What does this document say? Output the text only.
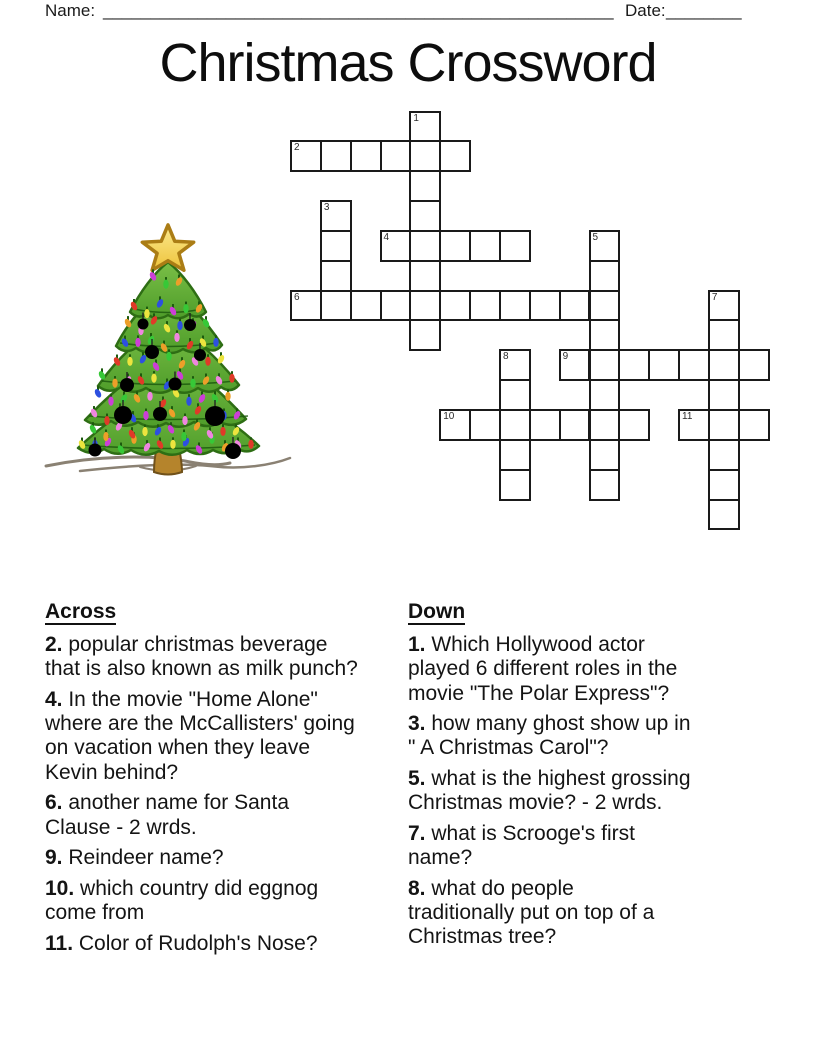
Name: ______________________________________________________ Date: ________
Christmas Crossword
1
2
3
4	5
6	7
8	9
10	11
Across
2. popular christmas beverage
that is also known as milk punch?
4. In the movie "Home Alone"
where are the McCallisters' going
on vacation when they leave
Kevin behind?
6. another name for Santa
Clause - 2 wrds.
9. Reindeer name?
10. which country did eggnog
come from
11. Color of Rudolph's Nose?
Down
1. Which Hollywood actor
played 6 different roles in the
movie "The Polar Express"?
3. how many ghost show up in
" A Christmas Carol"?
5. what is the highest grossing
Christmas movie? - 2 wrds.
7. what is Scrooge's first
name?
8. what do people
traditionally put on top of a
Christmas tree?
